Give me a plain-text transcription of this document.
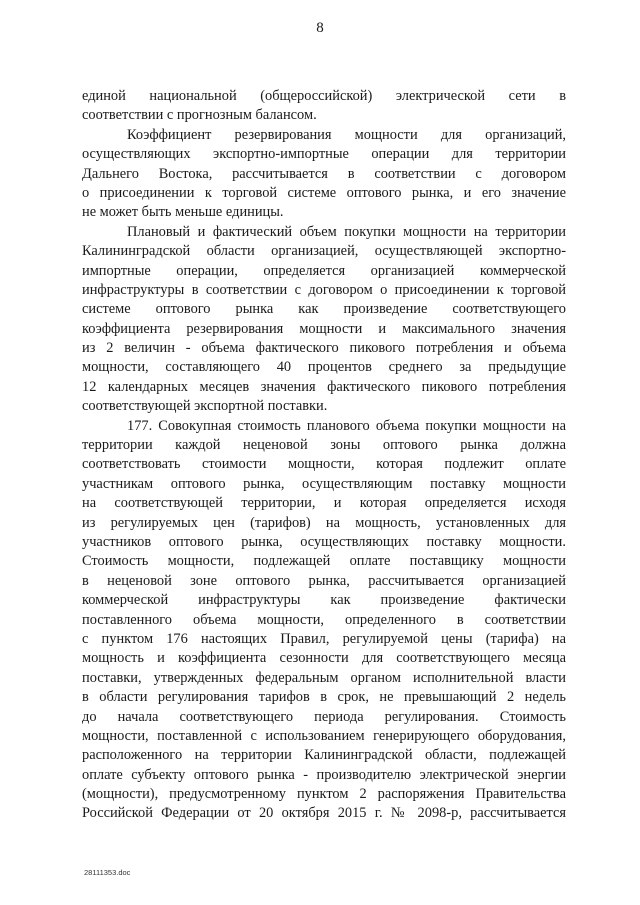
8
единой национальной (общероссийской) электрической сети в
соответствии с прогнозным балансом.
Коэффициент резервирования мощности для организаций,
осуществляющих экспортно-импортные операции для территории
Дальнего Востока, рассчитывается в соответствии с договором
о присоединении к торговой системе оптового рынка, и его значение
не может быть меньше единицы.
Плановый и фактический объем покупки мощности на территории
Калининградской области организацией, осуществляющей экспортно-
импортные операции, определяется организацией коммерческой
инфраструктуры в соответствии с договором о присоединении к торговой
системе оптового рынка как произведение соответствующего
коэффициента резервирования мощности и максимального значения
из 2 величин - объема фактического пикового потребления и объема
мощности, составляющего 40 процентов среднего за предыдущие
12 календарных месяцев значения фактического пикового потребления
соответствующей экспортной поставки.
177. Совокупная стоимость планового объема покупки мощности на
территории каждой неценовой зоны оптового рынка должна
соответствовать стоимости мощности, которая подлежит оплате
участникам оптового рынка, осуществляющим поставку мощности
на соответствующей территории, и которая определяется исходя
из регулируемых цен (тарифов) на мощность, установленных для
участников оптового рынка, осуществляющих поставку мощности.
Стоимость мощности, подлежащей оплате поставщику мощности
в неценовой зоне оптового рынка, рассчитывается организацией
коммерческой инфраструктуры как произведение фактически
поставленного объема мощности, определенного в соответствии
с пунктом 176 настоящих Правил, регулируемой цены (тарифа) на
мощность и коэффициента сезонности для соответствующего месяца
поставки, утвержденных федеральным органом исполнительной власти
в области регулирования тарифов в срок, не превышающий 2 недель
до начала соответствующего периода регулирования. Стоимость
мощности, поставленной с использованием генерирующего оборудования,
расположенного на территории Калининградской области, подлежащей
оплате субъекту оптового рынка - производителю электрической энергии
(мощности), предусмотренному пунктом 2 распоряжения Правительства
Российской Федерации от 20 октября 2015 г. № 2098-р, рассчитывается
28111353.doc
